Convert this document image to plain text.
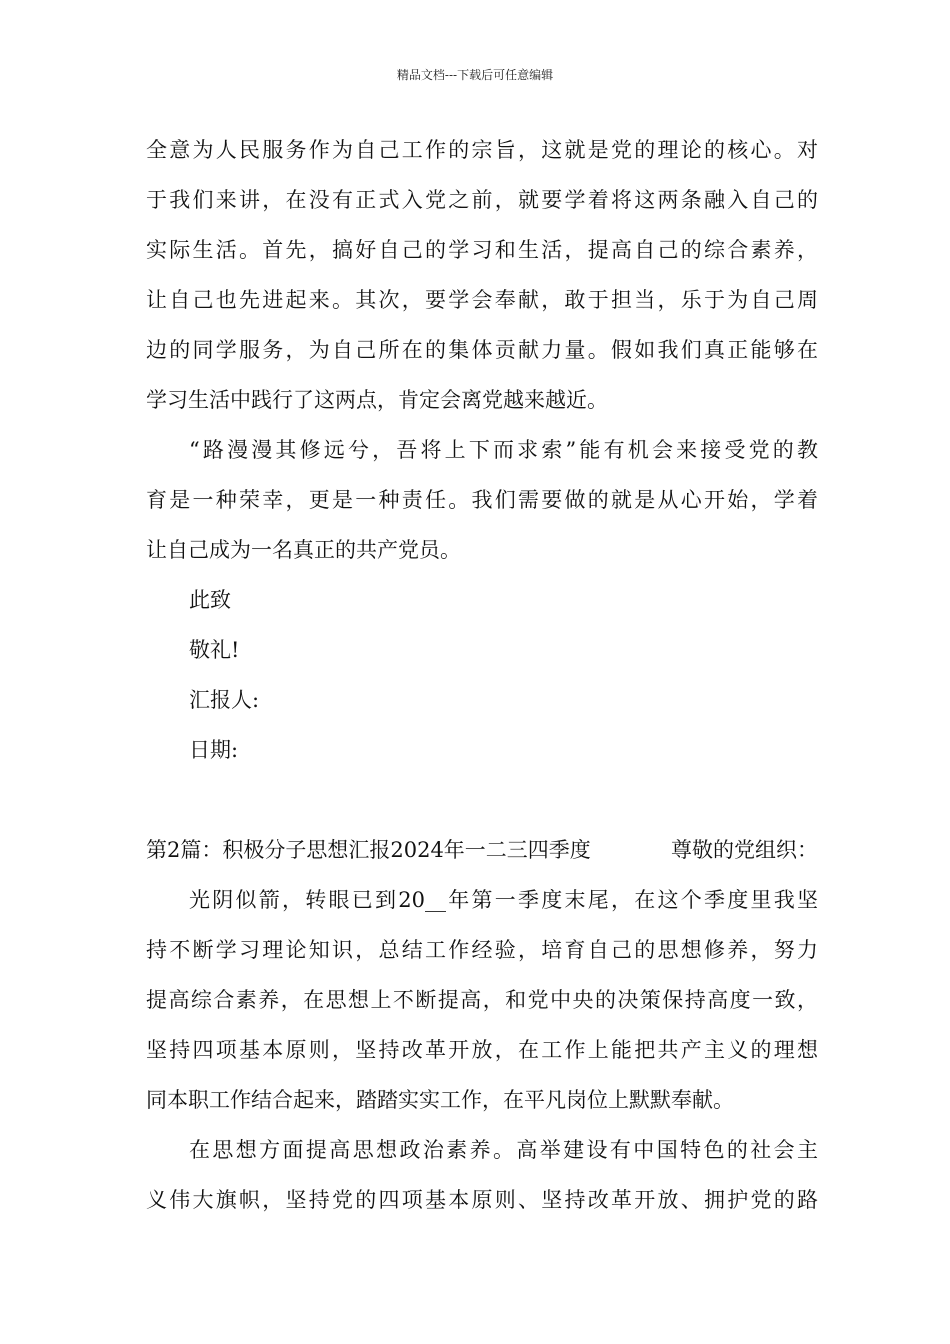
精品文档---下载后可任意编辑
全意为人民服务作为自己工作的宗旨，这就是党的理论的核心。对
于我们来讲，在没有正式入党之前，就要学着将这两条融入自己的
实际生活。首先，搞好自己的学习和生活，提高自己的综合素养，
让自己也先进起来。其次，要学会奉献，敢于担当，乐于为自己周
边的同学服务，为自己所在的集体贡献力量。假如我们真正能够在
学习生活中践行了这两点，肯定会离党越来越近。
“路漫漫其修远兮，吾将上下而求索”能有机会来接受党的教
育是一种荣幸，更是一种责任。我们需要做的就是从心开始，学着
让自己成为一名真正的共产党员。
此致
敬礼!
汇报人:
日期:
第2篇：积极分子思想汇报2024年一二三四季度	尊敬的党组织：
光阴似箭，转眼已到20__年第一季度末尾，在这个季度里我坚
持不断学习理论知识，总结工作经验，培育自己的思想修养，努力
提高综合素养，在思想上不断提高，和党中央的决策保持高度一致，
坚持四项基本原则，坚持改革开放，在工作上能把共产主义的理想
同本职工作结合起来，踏踏实实工作，在平凡岗位上默默奉献。
在思想方面提高思想政治素养。高举建设有中国特色的社会主
义伟大旗帜，坚持党的四项基本原则、坚持改革开放、拥护党的路
